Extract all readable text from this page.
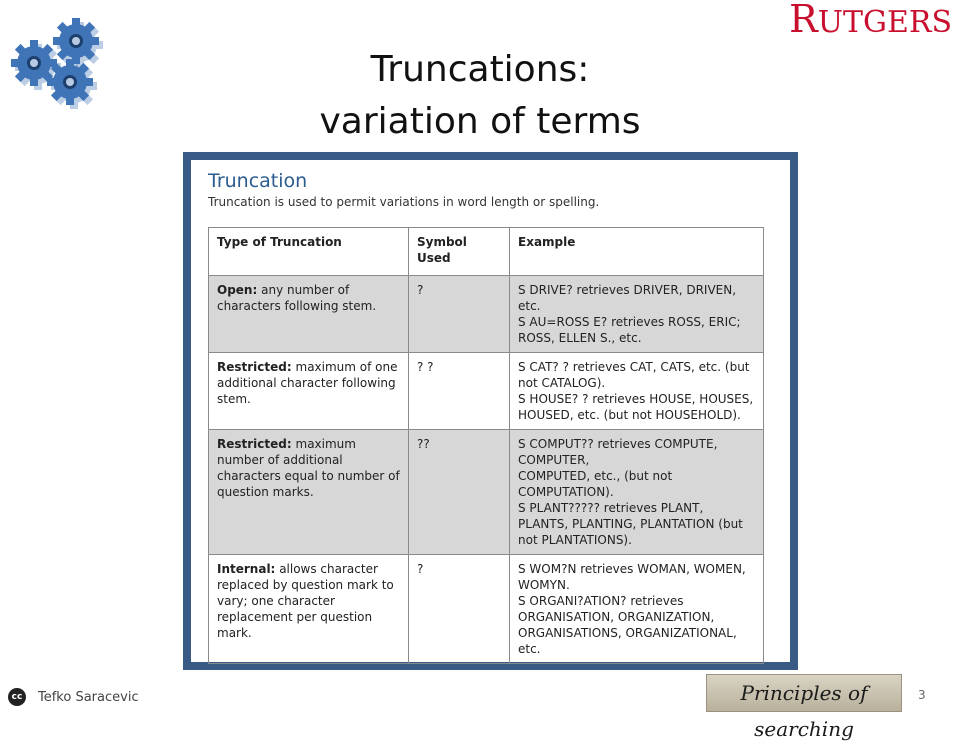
RUTGERS
Truncations:
variation of terms
Truncation
Truncation is used to permit variations in word length or spelling.
Type of Truncation	Symbol Used	Example
Open: any number of characters following stem.	?	S DRIVE? retrieves DRIVER, DRIVEN, etc.
S AU=ROSS E? retrieves ROSS, ERIC;
ROSS, ELLEN S., etc.

Restricted: maximum of one additional character following stem.	? ?	S CAT? ? retrieves CAT, CATS, etc. (but not CATALOG).
S HOUSE? ? retrieves HOUSE, HOUSES, HOUSED, etc. (but not HOUSEHOLD).

Restricted: maximum number of additional characters equal to number of question marks.	??	S COMPUT?? retrieves COMPUTE, COMPUTER,
COMPUTED, etc., (but not COMPUTATION).
S PLANT????? retrieves PLANT, PLANTS, PLANTING, PLANTATION (but not PLANTATIONS).

Internal: allows character replaced by question mark to vary; one character replacement per question mark.	?	S WOM?N retrieves WOMAN, WOMEN, WOMYN.
S ORGANI?ATION? retrieves ORGANISATION, ORGANIZATION, ORGANISATIONS, ORGANIZATIONAL, etc.
cc Tefko Saracevic	Principles of searching
3
